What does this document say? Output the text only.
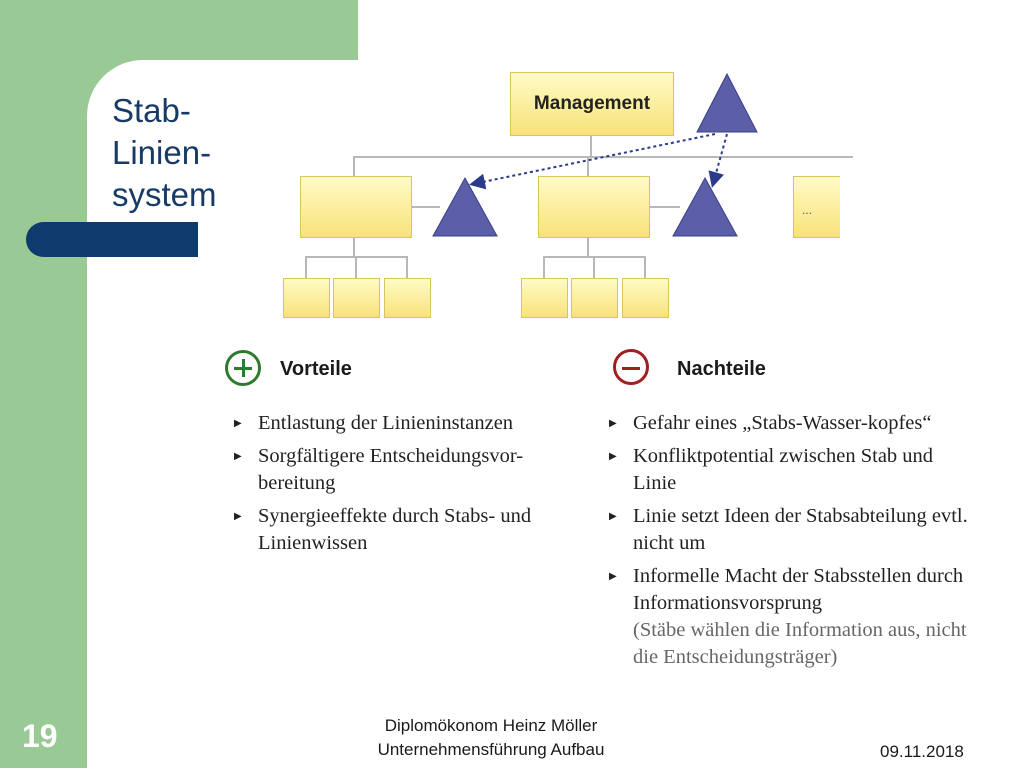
Stab-
Linien-
system
Management
...
Vorteile
▶ Entlastung der Linieninstanzen
▶ Sorgfältigere Entscheidungsvor-bereitung
▶ Synergieeffekte durch Stabs- und Linienwissen
Nachteile
▶ Gefahr eines „Stabs-Wasser-kopfes“
▶ Konfliktpotential zwischen Stab und Linie
▶ Linie setzt Ideen der Stabsabteilung evtl. nicht um
▶ Informelle Macht der Stabsstellen durch Informationsvorsprung
(Stäbe wählen die Information aus, nicht die Entscheidungsträger)
19	Diplomökonom Heinz Möller
Unternehmensführung Aufbau	09.11.2018
